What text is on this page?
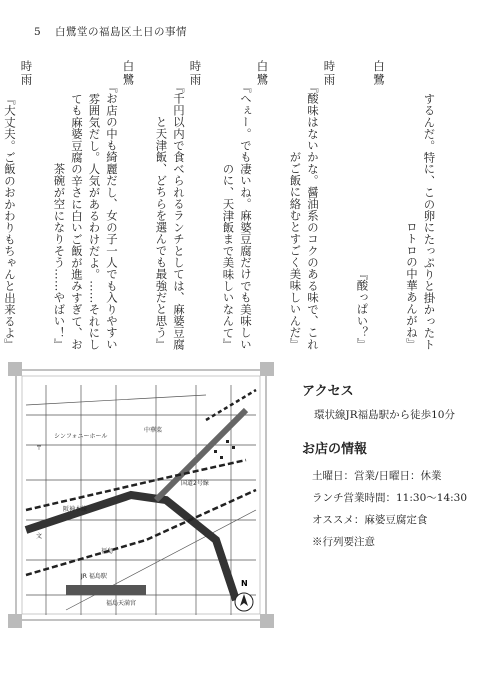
5 白鷺堂の福島区土日の事情
するんだ。特に、この卵にたっぷりと掛かったト
ロトロの中華あんがね』
白鷺
『酸っぱい？』
時雨
『酸味はないかな。醤油系のコクのある味で、これ
がご飯に絡むとすごく美味しいんだ』
白鷺
『へぇー。でも凄いね。麻婆豆腐だけでも美味しい
のに、天津飯まで美味しいなんて』
時雨
『千円以内で食べられるランチとしては、麻婆豆腐
と天津飯、どちらを選んでも最強だと思う』
白鷺
『お店の中も綺麗だし、女の子一人でも入りやすい
雰囲気だし。人気があるわけだよ。……それにし
ても麻婆豆腐の辛さに白いご飯が進みすぎて、お
茶碗が空になりそう……やばい！』
時雨
『大丈夫。ご飯のおかわりもちゃんと出来るよ』
シンフォニーホール
中華菜
福島
JR 福島駅
福島天満宮
阪神本線
国道2号線
文
〒
N
アクセス
環状線JR福島駅から徒歩10分
お店の情報
土曜日：営業/日曜日：休業
ランチ営業時間：11:30～14:30
オススメ：麻婆豆腐定食
※行列要注意
